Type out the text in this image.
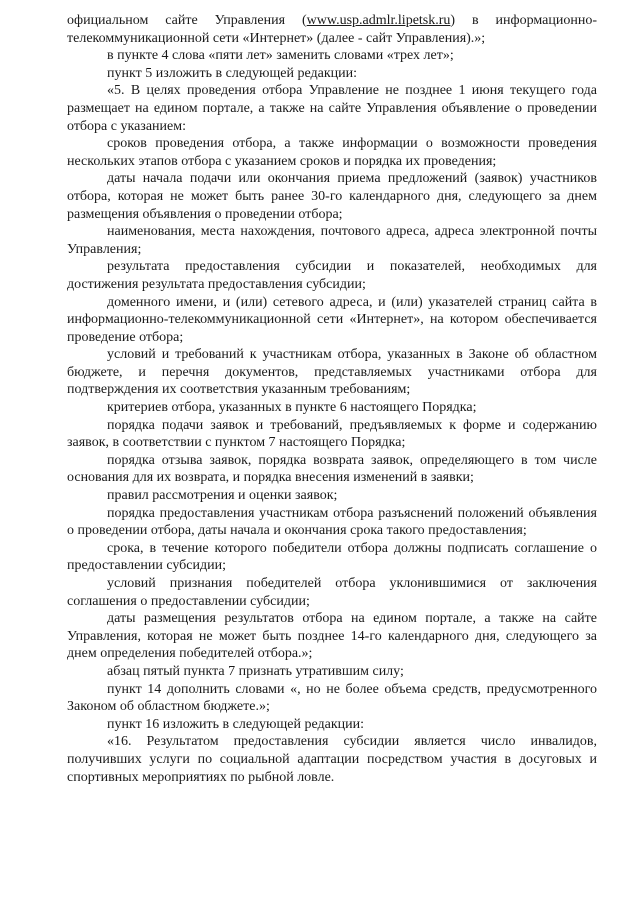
официальном сайте Управления (www.usp.admlr.lipetsk.ru) в информационно-телекоммуникационной сети «Интернет» (далее - сайт Управления).»;

в пункте 4 слова «пяти лет» заменить словами «трех лет»;

пункт 5 изложить в следующей редакции:

«5. В целях проведения отбора Управление не позднее 1 июня текущего года размещает на едином портале, а также на сайте Управления объявление о проведении отбора с указанием:

сроков проведения отбора, а также информации о возможности проведения нескольких этапов отбора с указанием сроков и порядка их проведения;

даты начала подачи или окончания приема предложений (заявок) участников отбора, которая не может быть ранее 30-го календарного дня, следующего за днем размещения объявления о проведении отбора;

наименования, места нахождения, почтового адреса, адреса электронной почты Управления;

результата предоставления субсидии и показателей, необходимых для достижения результата предоставления субсидии;

доменного имени, и (или) сетевого адреса, и (или) указателей страниц сайта в информационно-телекоммуникационной сети «Интернет», на котором обеспечивается проведение отбора;

условий и требований к участникам отбора, указанных в Законе об областном бюджете, и перечня документов, представляемых участниками отбора для подтверждения их соответствия указанным требованиям;

критериев отбора, указанных в пункте 6 настоящего Порядка;

порядка подачи заявок и требований, предъявляемых к форме и содержанию заявок, в соответствии с пунктом 7 настоящего Порядка;

порядка отзыва заявок, порядка возврата заявок, определяющего в том числе основания для их возврата, и порядка внесения изменений в заявки;

правил рассмотрения и оценки заявок;

порядка предоставления участникам отбора разъяснений положений объявления о проведении отбора, даты начала и окончания срока такого предоставления;

срока, в течение которого победители отбора должны подписать соглашение о предоставлении субсидии;

условий признания победителей отбора уклонившимися от заключения соглашения о предоставлении субсидии;

даты размещения результатов отбора на едином портале, а также на сайте Управления, которая не может быть позднее 14-го календарного дня, следующего за днем определения победителей отбора.»;

абзац пятый пункта 7 признать утратившим силу;

пункт 14 дополнить словами «, но не более объема средств, предусмотренного Законом об областном бюджете.»;

пункт 16 изложить в следующей редакции:

«16. Результатом предоставления субсидии является число инвалидов, получивших услуги по социальной адаптации посредством участия в досуговых и спортивных мероприятиях по рыбной ловле.
